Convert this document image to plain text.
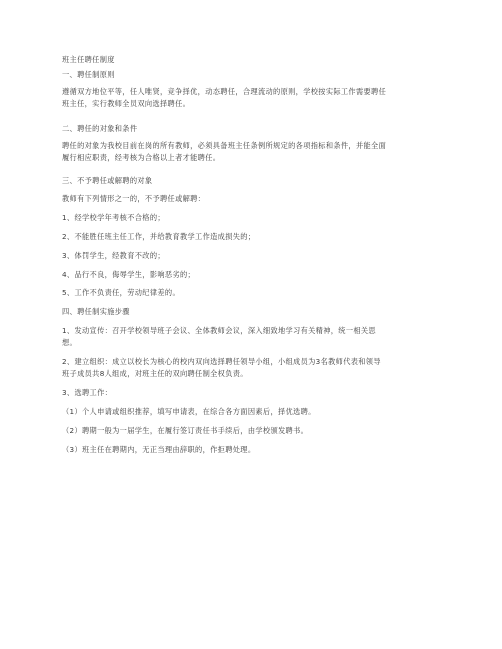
班主任聘任制度
一、聘任制原则
遵循双方地位平等，任人唯贤，竞争择优，动态聘任，合理流动的原则，学校按实际工作需要聘任
班主任，实行教师全员双向选择聘任。
二、聘任的对象和条件
聘任的对象为我校目前在岗的所有教师，必须具备班主任条例所规定的各项指标和条件，并能全面
履行相应职责，经考核为合格以上者才能聘任。
三、不予聘任或解聘的对象
教师有下列情形之一的，不予聘任或解聘：
1、经学校学年考核不合格的；
2、不能胜任班主任工作，并给教育教学工作造成损失的；
3、体罚学生，经教育不改的；
4、品行不良，侮辱学生，影响恶劣的；
5、工作不负责任，劳动纪律差的。
四、聘任制实施步骤
1、发动宣传：召开学校领导班子会议、全体教师会议，深入细致地学习有关精神，统一相关思
想。
2、建立组织：成立以校长为核心的校内双向选择聘任领导小组，小组成员为3名教师代表和领导
班子成员共8人组成，对班主任的双向聘任制全权负责。
3、选聘工作：
（1）个人申请或组织推荐，填写申请表，在综合各方面因素后，择优选聘。
（2）聘期一般为一届学生，在履行签订责任书手续后，由学校颁发聘书。
（3）班主任在聘期内，无正当理由辞职的，作拒聘处理。
